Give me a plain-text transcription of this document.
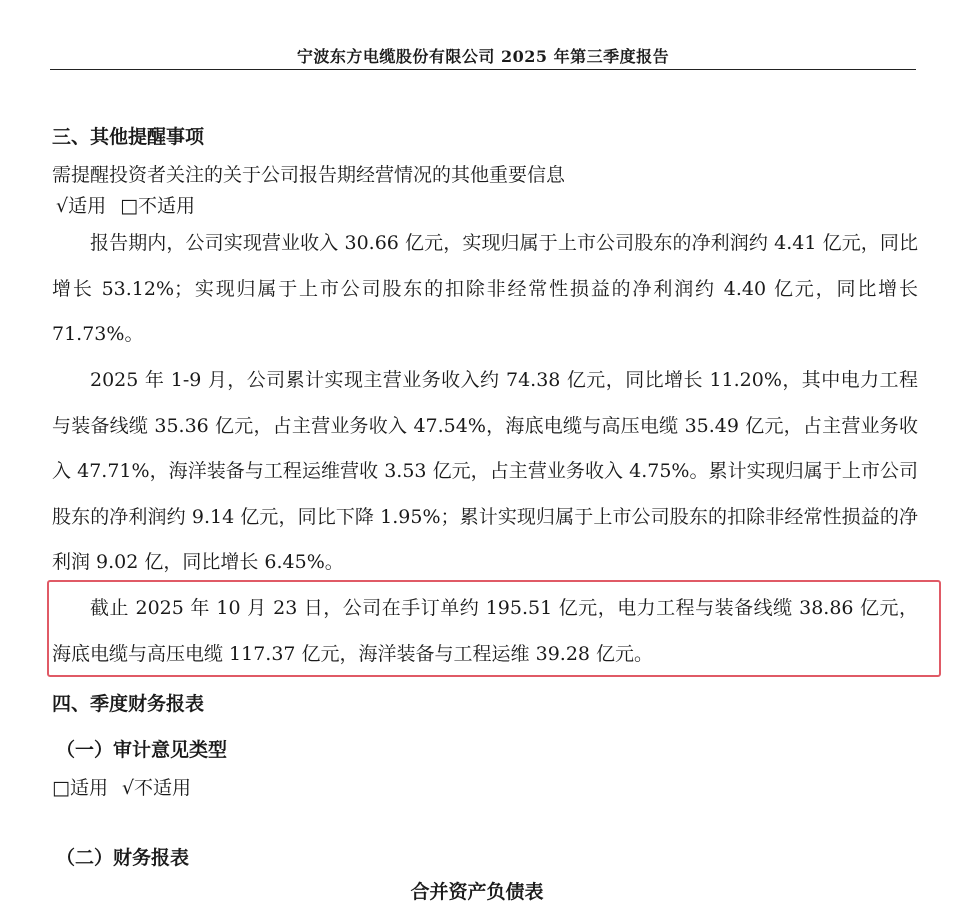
宁波东方电缆股份有限公司 2025 年第三季度报告
三、其他提醒事项
需提醒投资者关注的关于公司报告期经营情况的其他重要信息
√适用 □不适用

报告期内，公司实现营业收入 30.66 亿元，实现归属于上市公司股东的净利润约 4.41 亿元，同比增长 53.12%；实现归属于上市公司股东的扣除非经常性损益的净利润约 4.40 亿元，同比增长 71.73%。

2025 年 1-9 月，公司累计实现主营业务收入约 74.38 亿元，同比增长 11.20%，其中电力工程与装备线缆 35.36 亿元，占主营业务收入 47.54%，海底电缆与高压电缆 35.49 亿元，占主营业务收入 47.71%，海洋装备与工程运维营收 3.53 亿元，占主营业务收入 4.75%。累计实现归属于上市公司股东的净利润约 9.14 亿元，同比下降 1.95%；累计实现归属于上市公司股东的扣除非经常性损益的净利润 9.02 亿，同比增长 6.45%。

截止 2025 年 10 月 23 日，公司在手订单约 195.51 亿元，电力工程与装备线缆 38.86 亿元，海底电缆与高压电缆 117.37 亿元，海洋装备与工程运维 39.28 亿元。

四、季度财务报表
（一）审计意见类型
□适用 √不适用
（二）财务报表
合并资产负债表
